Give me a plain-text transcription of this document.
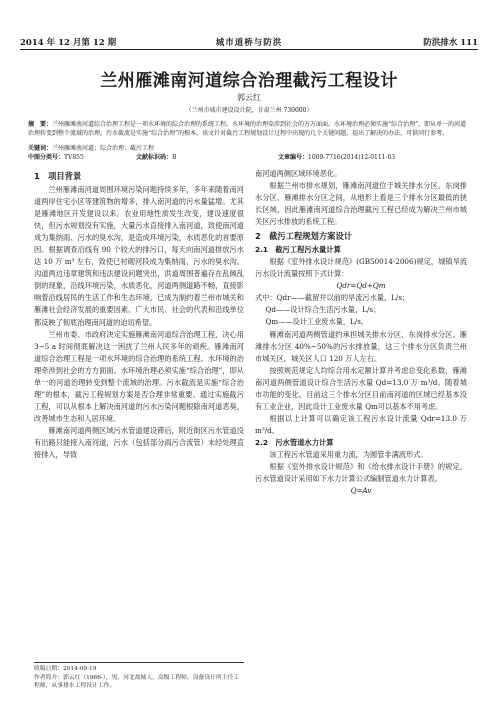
2014 年 12 月第 12 期	城市道桥与防洪	防洪排水 111
兰州雁滩南河道综合治理截污工程设计
郭云红
（兰州市城市建设设计院，甘肃兰州 730000）
摘　要：兰州雁滩南河道综合治理工程是一项水环境的综合治理的系统工程。水环境的治理牵涉到社会的方方面面。水环境治理必须实施“综合治理”，即从单一的河道治理转变到整个流域的治理。污水截流是实施“综合治理”的根本。该文针对截污工程规划设计过程中出现的几个关键问题，提出了解决的办法，可供同行参考。
关键词：兰州雁滩南河道；综合治理；截污工程
中图分类号： TV855	文献标识码： B	文章编号： 1009-7716(2014)12-0111-03
1　项目背景

兰州雁滩南河道周围环境污染问题持续多年，多年来随着南河道两岸住宅小区等建筑物的增多，排入南河道的污水量猛增。尤其是雁滩地区开发建设以来，农业用地性质发生改变，建设速度很快，但污水规划没有实施，大量污水直接排入南河道，致使南河道成为集纳雨、污水的臭水沟，是造成环境污染，水质恶化的首要原因。根据调查沿线有 90 个较大的排污口，每天向南河道排放污水达 10 万 m³ 左右，致使已衬砌河段成为集纳雨、污水的臭水沟。沟道两边违章建筑和违法建设问题突出，洪道周围普遍存在乱倾乱倒的现象，沿线环境污染，水质恶化，河道两侧道路不畅，直接影响着沿线居民的生活工作和生态环境，已成为制约着兰州市城关和雁滩社会经济发展的重要因素。广大市民、社会的代表和沿线单位都反映了彻底治理南河道的迫切希望。

兰州市委、市政府决定实施雁滩南河道综合治理工程，决心用 3~5 a 时间彻底解决这一困扰了兰州人民多年的顽疾。雁滩南河道综合治理工程是一项水环境的综合治理的系统工程。水环境的治理牵涉到社会的方方面面。水环境治理必须实施“综合治理”，即从单一的河道治理转变到整个流域的治理。污水截流是实施“综合治理”的根本，截污工程规划方案是否合理非常重要。通过实施截污工程，可以从根本上解决南河道的污水污染问题根除南河道恶臭，改善城市生态和人居环境。

雁滩南河道两侧区域污水管道建设滞后，附近街区污水管道没有出路只能接入南河道，污水（包括部分雨污合流管）未经处理直接排入，导致

收稿日期：2014-09-19
作者简介：郭云红（1966-），男，河北故城人，高级工程师，设备设计所主任工程师，从事排水工程设计工作。

南河道两侧区域环境恶化。

根据兰州市排水规划，雁滩南河道位于城关排水分区、东岗排水分区、雁滩排水分区之间，从地形上看是三个排水分区最低的狭长区域，因此雁滩南河道综合治理截污工程已经成为解决兰州市城关区污水排放的系统工程。

2　截污工程规划方案设计
2.1　截污工程污水量计算

根据《室外排水设计规范》(GB50014-2006)规定，城镇旱流污水设计流量按照下式计算：

Qdr=Qd+Qm

式中：Qdr——截留井以前的旱流污水量，L/s；

Qd——设计综合生活污水量，L/s；

Qm——设计工业废水量，L/s。

雁滩南河道两侧管道约承担城关排水分区、东岗排水分区、雁滩排水分区 40%~50%的污水排放量，这三个排水分区负责兰州市城关区，城关区人口 120 万人左右。

按照规范规定人均综合用水定额计算并考虑总变化系数，雁滩南河道两侧管道设计综合生活污水量 Qd=13.0 万 m³/d。随着城市功能的变化，目前这三个排水分区目前南河道的区域已经基本没有工业企业，因此设计工业废水量 Qm可以基本不用考虑。

根据以上计算可以确定该工程污水设计流量 Qdr=13.0 万 m³/d。

2.2　污水管道水力计算

该工程污水管道采用重力流，为圆管非满流形式。

根据《室外排水设计规范》和《给水排水设计手册》的规定，污水管道设计采用如下水力计算公式编制管道水力计算表。

Q=Av
